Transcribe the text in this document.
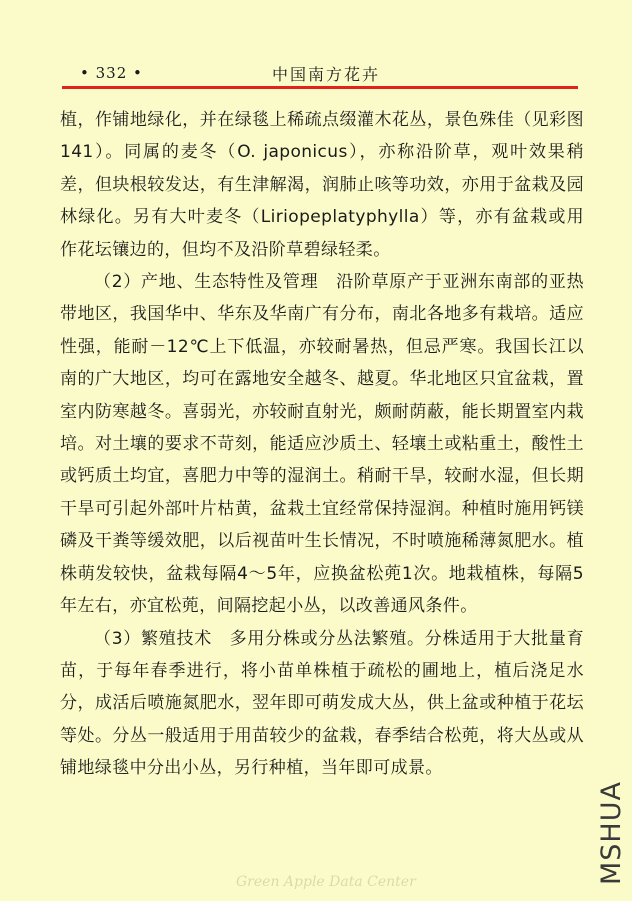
• 332 •	中国南方花卉

植，作铺地绿化，并在绿毯上稀疏点缀灌木花丛，景色殊佳（见彩图141）。同属的麦冬（O. japonicus），亦称沿阶草，观叶效果稍差，但块根较发达，有生津解渴，润肺止咳等功效，亦用于盆栽及园林绿化。另有大叶麦冬（Liriopeplatyphylla）等，亦有盆栽或用作花坛镶边的，但均不及沿阶草碧绿轻柔。

（2）产地、生态特性及管理　沿阶草原产于亚洲东南部的亚热带地区，我国华中、华东及华南广有分布，南北各地多有栽培。适应性强，能耐－12℃上下低温，亦较耐暑热，但忌严寒。我国长江以南的广大地区，均可在露地安全越冬、越夏。华北地区只宜盆栽，置室内防寒越冬。喜弱光，亦较耐直射光，颇耐荫蔽，能长期置室内栽培。对土壤的要求不苛刻，能适应沙质土、轻壤土或粘重土，酸性土或钙质土均宜，喜肥力中等的湿润土。稍耐干旱，较耐水湿，但长期干旱可引起外部叶片枯黄，盆栽土宜经常保持湿润。种植时施用钙镁磷及干粪等缓效肥，以后视苗叶生长情况，不时喷施稀薄氮肥水。植株萌发较快，盆栽每隔4～5年，应换盆松蔸1次。地栽植株，每隔5年左右，亦宜松蔸，间隔挖起小丛，以改善通风条件。

（3）繁殖技术　多用分株或分丛法繁殖。分株适用于大批量育苗，于每年春季进行，将小苗单株植于疏松的圃地上，植后浇足水分，成活后喷施氮肥水，翌年即可萌发成大丛，供上盆或种植于花坛等处。分丛一般适用于用苗较少的盆栽，春季结合松蔸，将大丛或从铺地绿毯中分出小丛，另行种植，当年即可成景。

MSHUA
Green Apple Data Center
